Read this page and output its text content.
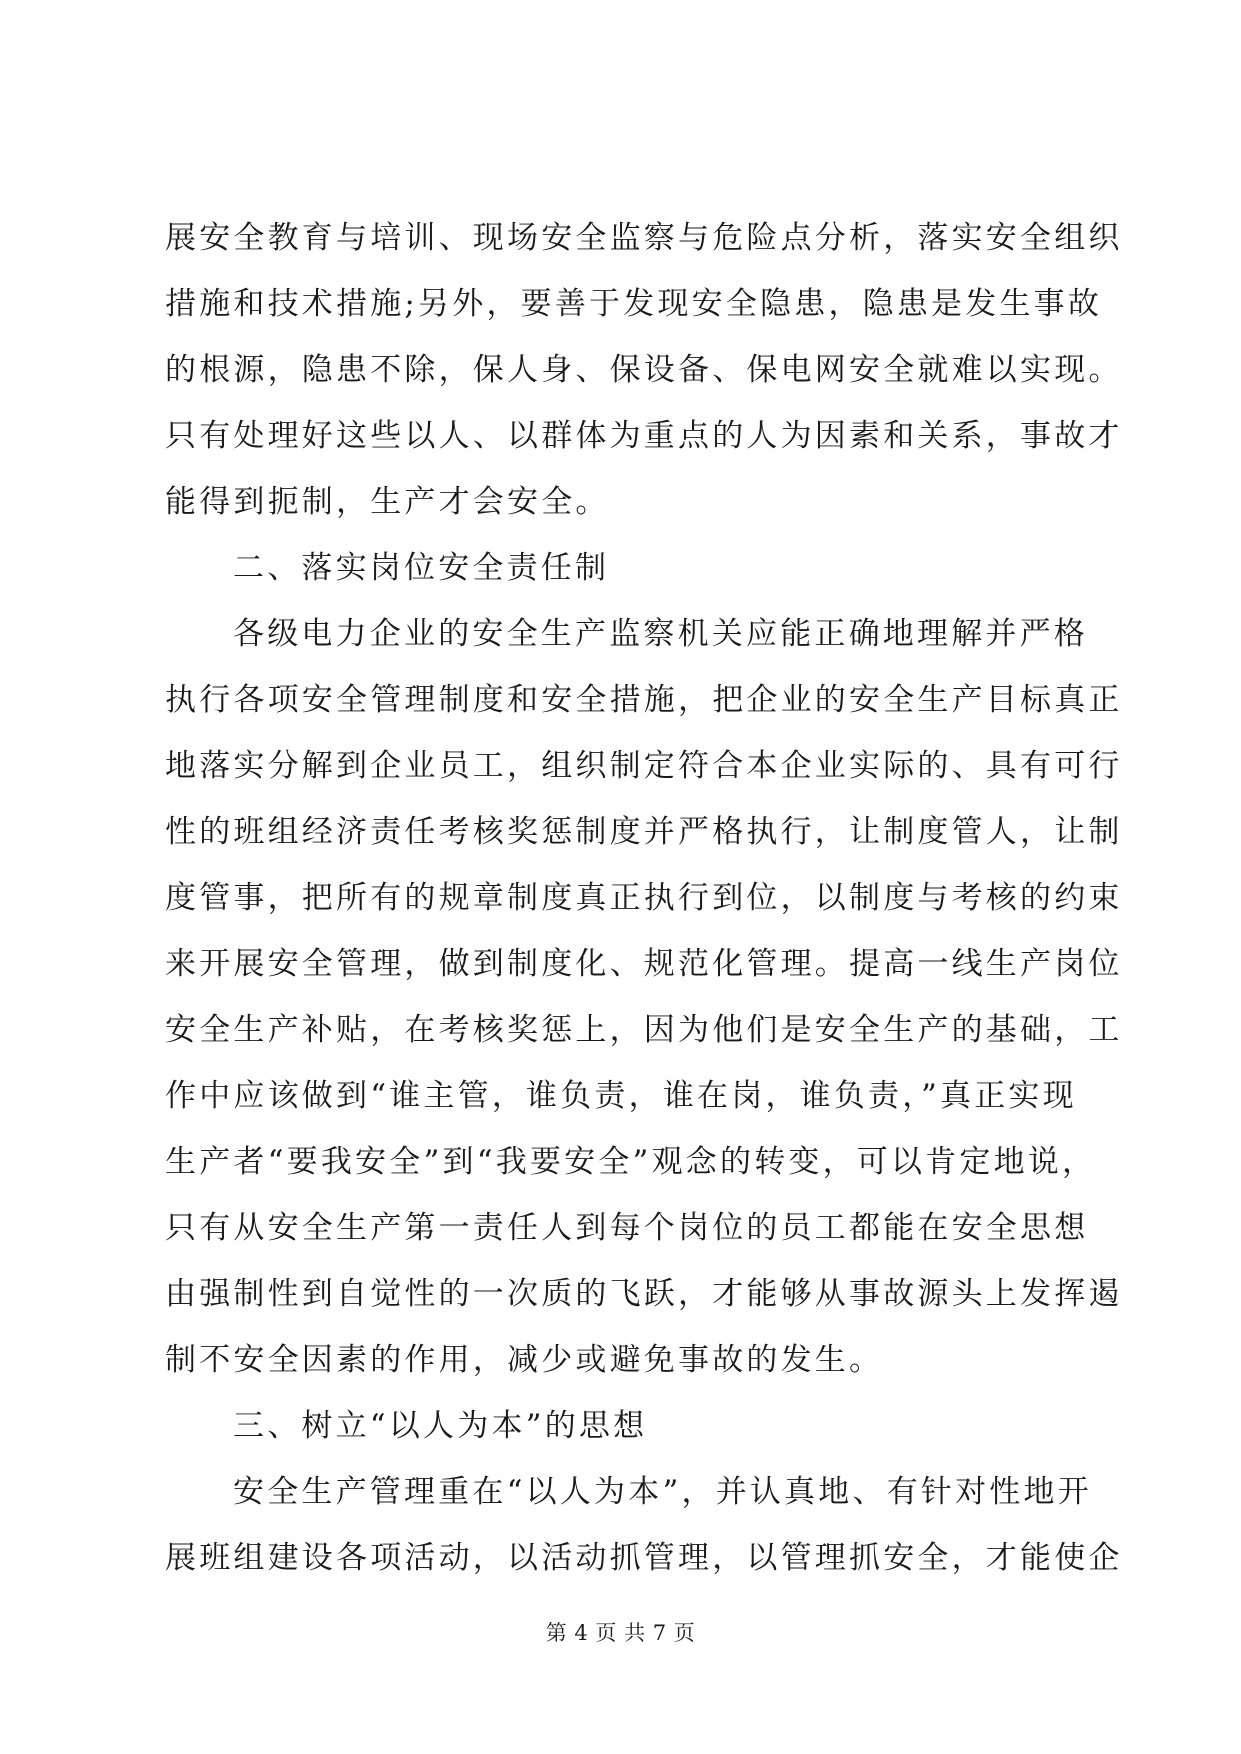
展安全教育与培训、现场安全监察与危险点分析，落实安全组织
措施和技术措施;另外，要善于发现安全隐患，隐患是发生事故
的根源，隐患不除，保人身、保设备、保电网安全就难以实现。
只有处理好这些以人、以群体为重点的人为因素和关系，事故才
能得到扼制，生产才会安全。
二、落实岗位安全责任制
各级电力企业的安全生产监察机关应能正确地理解并严格
执行各项安全管理制度和安全措施，把企业的安全生产目标真正
地落实分解到企业员工，组织制定符合本企业实际的、具有可行
性的班组经济责任考核奖惩制度并严格执行，让制度管人，让制
度管事，把所有的规章制度真正执行到位，以制度与考核的约束
来开展安全管理，做到制度化、规范化管理。提高一线生产岗位
安全生产补贴，在考核奖惩上，因为他们是安全生产的基础，工
作中应该做到“谁主管，谁负责，谁在岗，谁负责，”真正实现
生产者“要我安全”到“我要安全”观念的转变，可以肯定地说，
只有从安全生产第一责任人到每个岗位的员工都能在安全思想
由强制性到自觉性的一次质的飞跃，才能够从事故源头上发挥遏
制不安全因素的作用，减少或避免事故的发生。
三、树立“以人为本”的思想
安全生产管理重在“以人为本”，并认真地、有针对性地开
展班组建设各项活动，以活动抓管理，以管理抓安全，才能使企
第 4 页 共 7 页
